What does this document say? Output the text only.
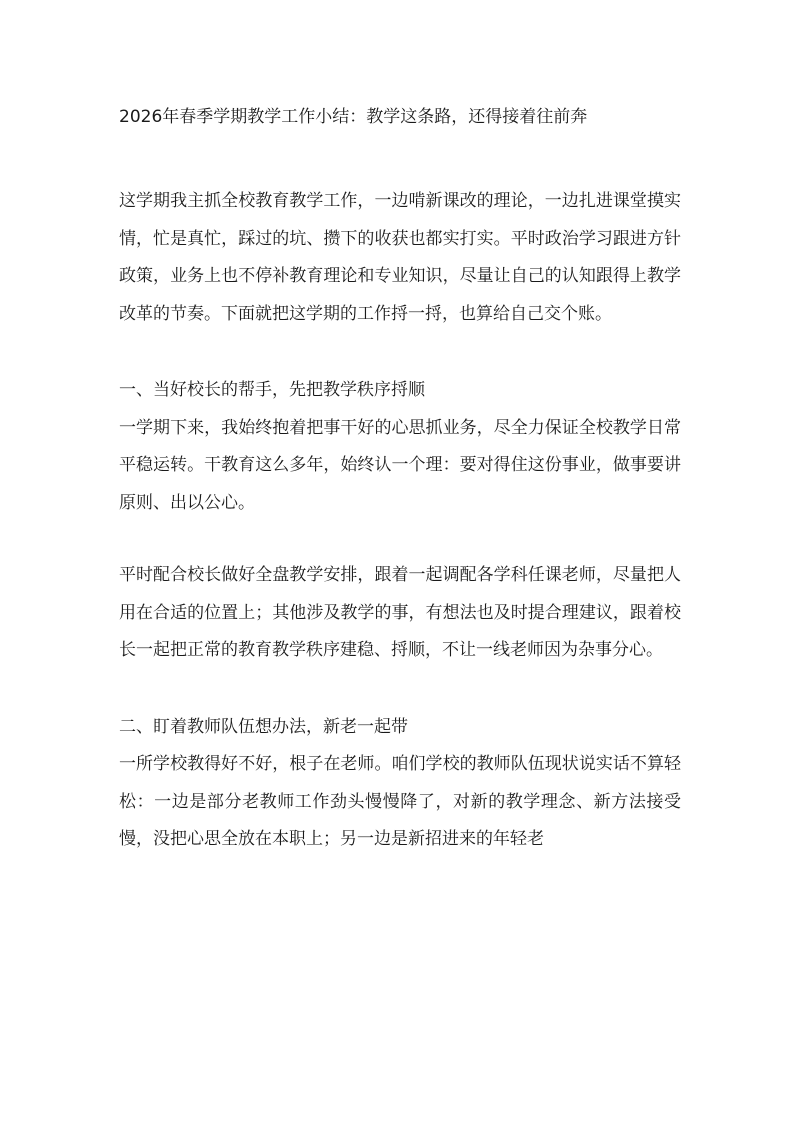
2026年春季学期教学工作小结：教学这条路，还得接着往前奔

这学期我主抓全校教育教学工作，一边啃新课改的理论，一边扎进课堂摸实情，忙是真忙，踩过的坑、攒下的收获也都实打实。平时政治学习跟进方针政策，业务上也不停补教育理论和专业知识，尽量让自己的认知跟得上教学改革的节奏。下面就把这学期的工作捋一捋，也算给自己交个账。

一、当好校长的帮手，先把教学秩序捋顺

一学期下来，我始终抱着把事干好的心思抓业务，尽全力保证全校教学日常平稳运转。干教育这么多年，始终认一个理：要对得住这份事业，做事要讲原则、出以公心。

平时配合校长做好全盘教学安排，跟着一起调配各学科任课老师，尽量把人用在合适的位置上；其他涉及教学的事，有想法也及时提合理建议，跟着校长一起把正常的教育教学秩序建稳、捋顺，不让一线老师因为杂事分心。

二、盯着教师队伍想办法，新老一起带

一所学校教得好不好，根子在老师。咱们学校的教师队伍现状说实话不算轻松：一边是部分老教师工作劲头慢慢降了，对新的教学理念、新方法接受慢，没把心思全放在本职上；另一边是新招进来的年轻老
